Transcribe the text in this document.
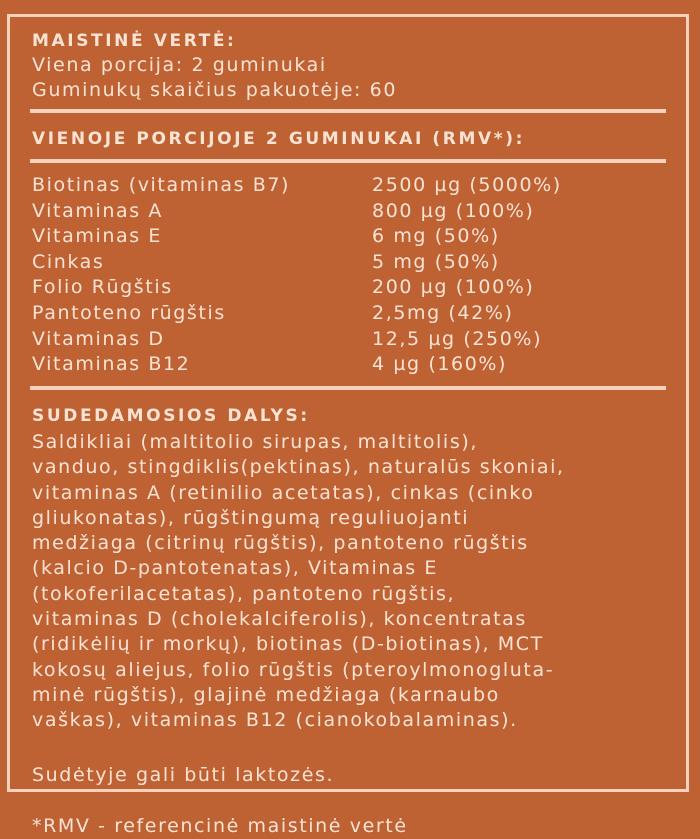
MAISTINĖ VERTĖ:
Viena porcija: 2 guminukai
Guminukų skaičius pakuotėje: 60
VIENOJE PORCIJOJE 2 GUMINUKAI (RMV*):
Biotinas (vitaminas B7)	2500 µg (5000%)
Vitaminas A	800 µg (100%)
Vitaminas E	6 mg (50%)
Cinkas	5 mg (50%)
Folio Rūgštis	200 µg (100%)
Pantoteno rūgštis	2,5mg (42%)
Vitaminas D	12,5 µg (250%)
Vitaminas B12	4 µg (160%)
SUDEDAMOSIOS DALYS:
Saldikliai (maltitolio sirupas, maltitolis),
vanduo, stingdiklis(pektinas), naturalūs skoniai,
vitaminas A (retinilio acetatas), cinkas (cinko
gliukonatas), rūgštingumą reguliuojanti
medžiaga (citrinų rūgštis), pantoteno rūgštis
(kalcio D-pantotenatas), Vitaminas E
(tokoferilacetatas), pantoteno rūgštis,
vitaminas D (cholekalciferolis), koncentratas
(ridikėlių ir morkų), biotinas (D-biotinas), MCT
kokosų aliejus, folio rūgštis (pteroylmonogluta-
minė rūgštis), glajinė medžiaga (karnaubo
vaškas), vitaminas B12 (cianokobalaminas).
Sudėtyje gali būti laktozės.
*RMV - referencinė maistinė vertė
